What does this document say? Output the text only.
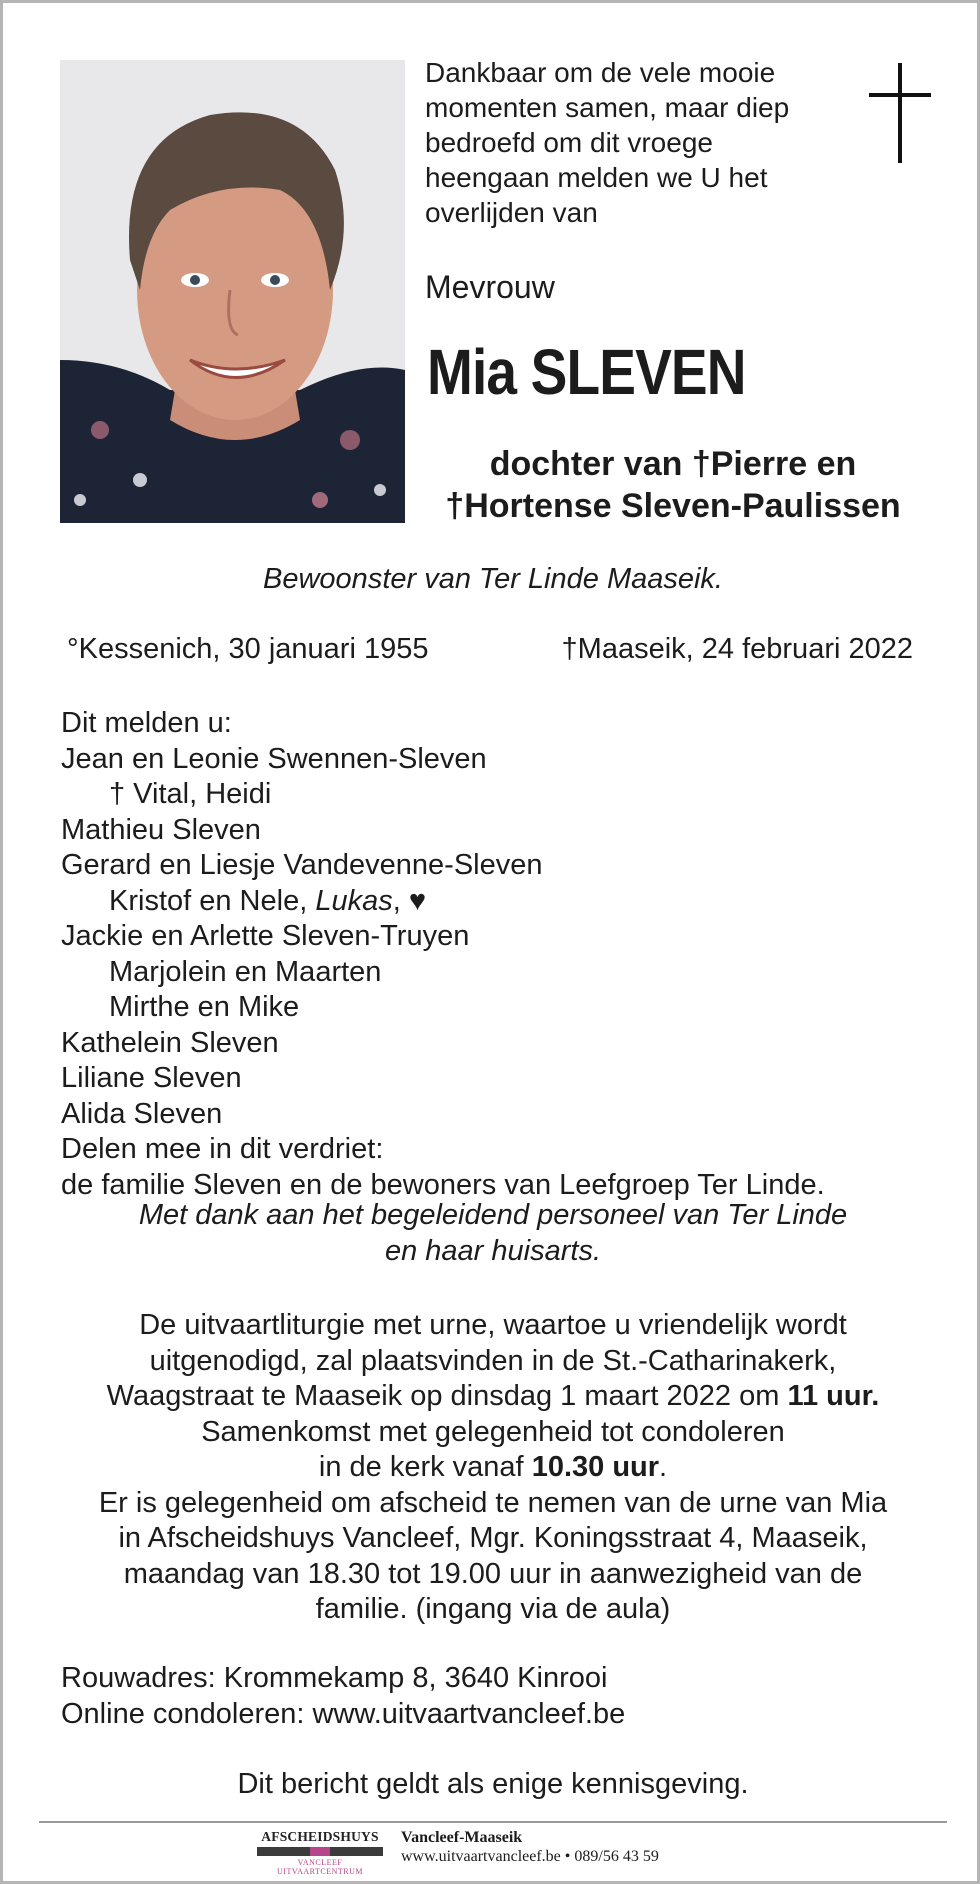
Dankbaar om de vele mooie
momenten samen, maar diep
bedroefd om dit vroege
heengaan melden we U het
overlijden van
Mevrouw
Mia SLEVEN
dochter van †Pierre en
†Hortense Sleven-Paulissen
Bewoonster van Ter Linde Maaseik.
°Kessenich, 30 januari 1955	†Maaseik, 24 februari 2022
Dit melden u:
Jean en Leonie Swennen-Sleven
† Vital, Heidi
Mathieu Sleven
Gerard en Liesje Vandevenne-Sleven
Kristof en Nele, Lukas, ♥
Jackie en Arlette Sleven-Truyen
Marjolein en Maarten
Mirthe en Mike
Kathelein Sleven
Liliane Sleven
Alida Sleven
Delen mee in dit verdriet:
de familie Sleven en de bewoners van Leefgroep Ter Linde.
Met dank aan het begeleidend personeel van Ter Linde
en haar huisarts.
De uitvaartliturgie met urne, waartoe u vriendelijk wordt
uitgenodigd, zal plaatsvinden in de St.-Catharinakerk,
Waagstraat te Maaseik op dinsdag 1 maart 2022 om 11 uur.
Samenkomst met gelegenheid tot condoleren
in de kerk vanaf 10.30 uur.
Er is gelegenheid om afscheid te nemen van de urne van Mia
in Afscheidshuys Vancleef, Mgr. Koningsstraat 4, Maaseik,
maandag van 18.30 tot 19.00 uur in aanwezigheid van de
familie. (ingang via de aula)
Rouwadres: Krommekamp 8, 3640 Kinrooi
Online condoleren: www.uitvaartvancleef.be
Dit bericht geldt als enige kennisgeving.
AFSCHEIDSHUYS
VANCLEEF UITVAARTCENTRUM
Vancleef-Maaseik
www.uitvaartvancleef.be • 089/56 43 59
